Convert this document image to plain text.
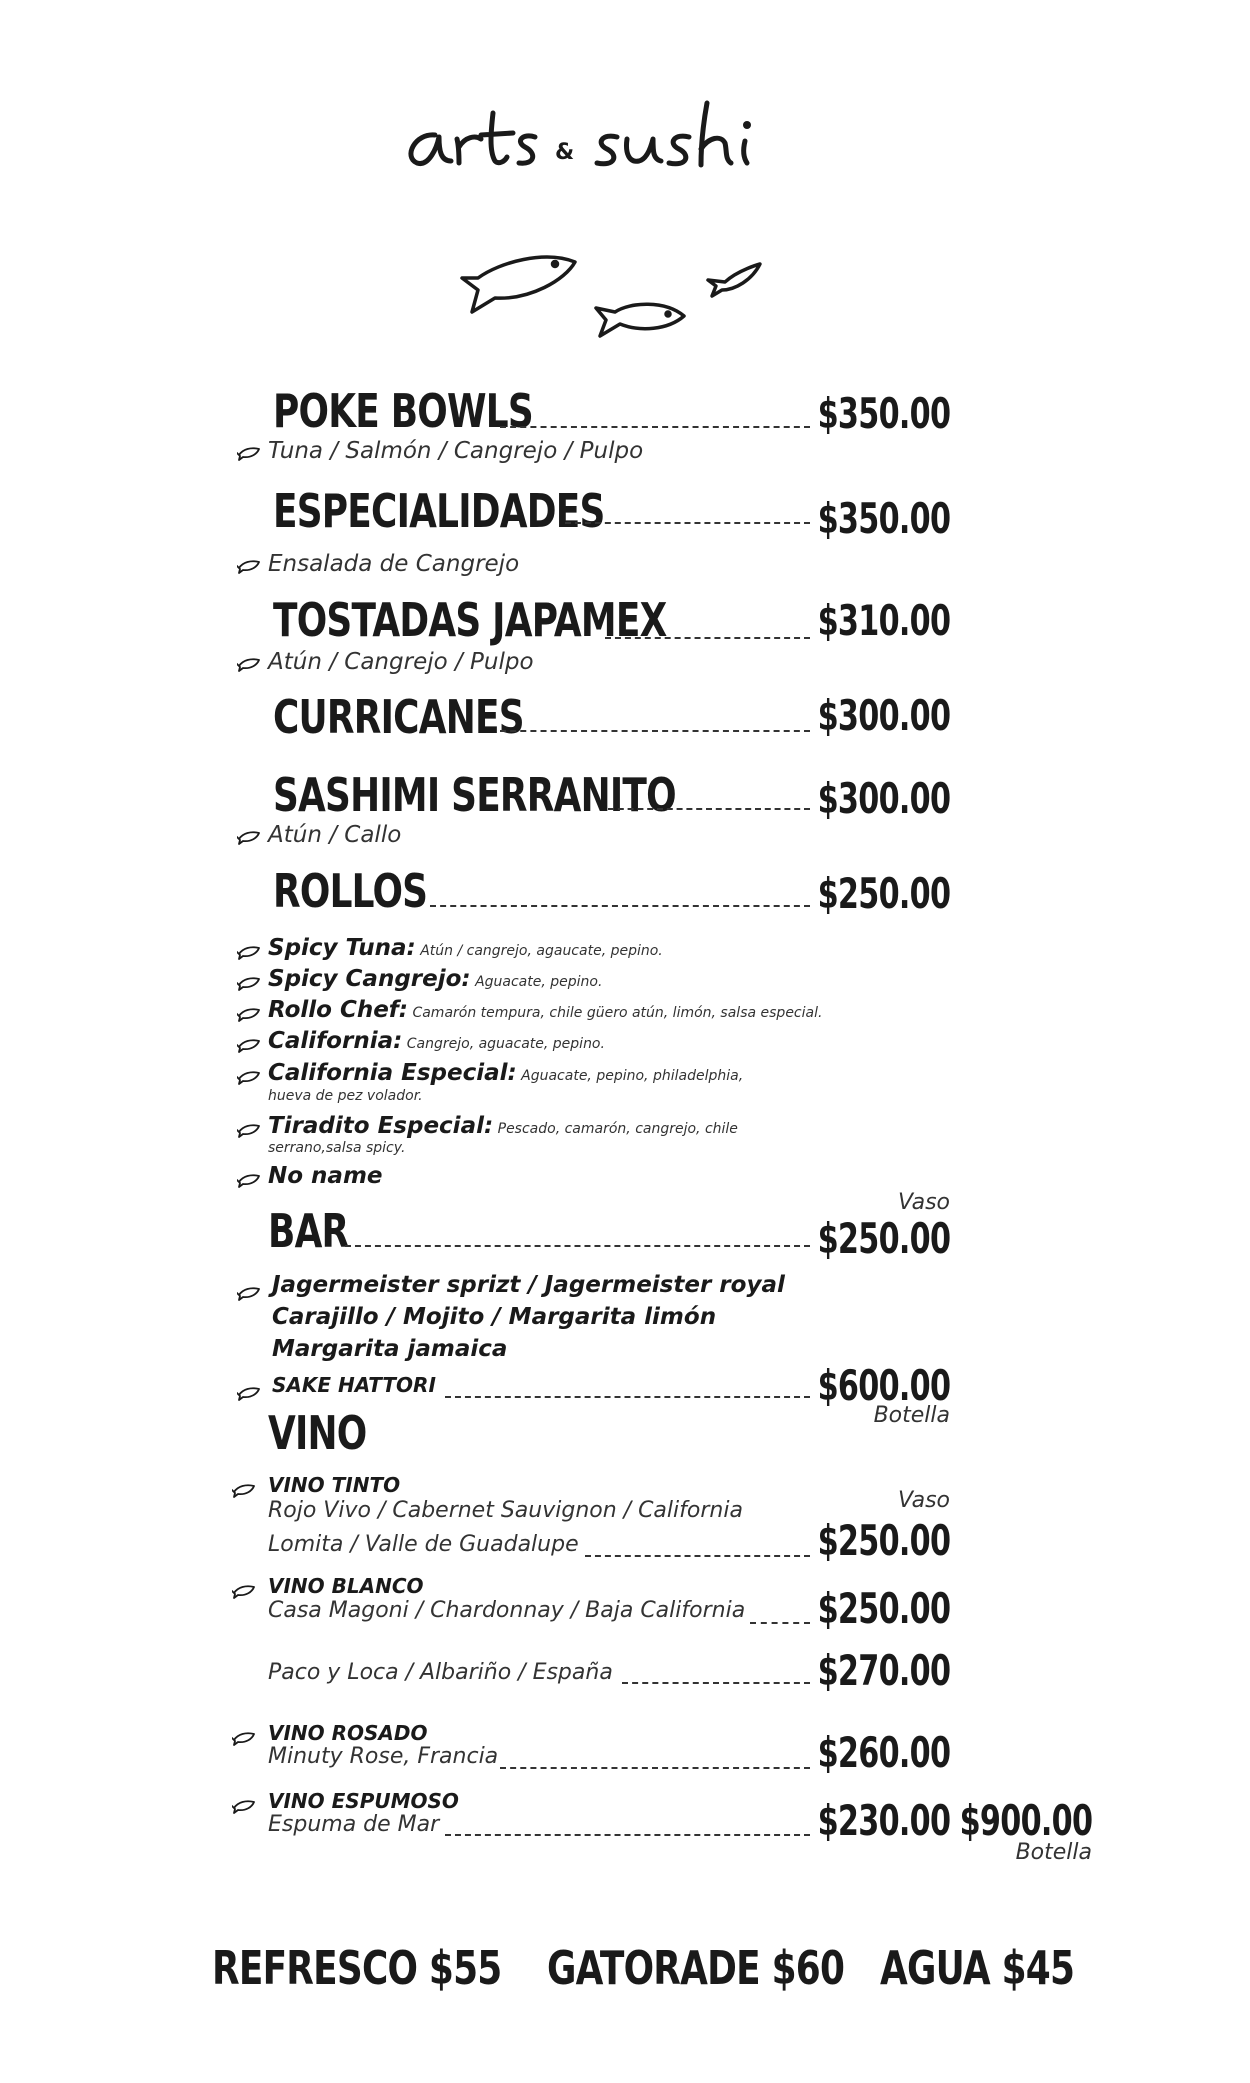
&
POKE BOWLS	$350.00
Tuna / Salmón / Cangrejo / Pulpo
ESPECIALIDADES	$350.00
Ensalada de Cangrejo
TOSTADAS JAPAMEX	$310.00
Atún / Cangrejo / Pulpo
CURRICANES	$300.00
SASHIMI SERRANITO	$300.00
Atún / Callo
ROLLOS	$250.00
Spicy Tuna: Atún / cangrejo, agaucate, pepino.
Spicy Cangrejo: Aguacate, pepino.
Rollo Chef: Camarón tempura, chile güero atún, limón, salsa especial.
California: Cangrejo, aguacate, pepino.
California Especial: Aguacate, pepino, philadelphia,
hueva de pez volador.
Tiradito Especial: Pescado, camarón, cangrejo, chile
serrano,salsa spicy.
No name
Vaso
BAR	$250.00
Jagermeister sprizt / Jagermeister royal
Carajillo / Mojito / Margarita limón
Margarita jamaica
SAKE HATTORI	$600.00
Botella
VINO
VINO TINTO
Rojo Vivo / Cabernet Sauvignon / California	Vaso
Lomita / Valle de Guadalupe	$250.00
VINO BLANCO
Casa Magoni / Chardonnay / Baja California $250.00
Paco y Loca / Albariño / España	$270.00
VINO ROSADO
Minuty Rose, Francia	$260.00
VINO ESPUMOSO
Espuma de Mar	$230.00 $900.00
Botella
REFRESCO $55 GATORADE $60 AGUA $45
